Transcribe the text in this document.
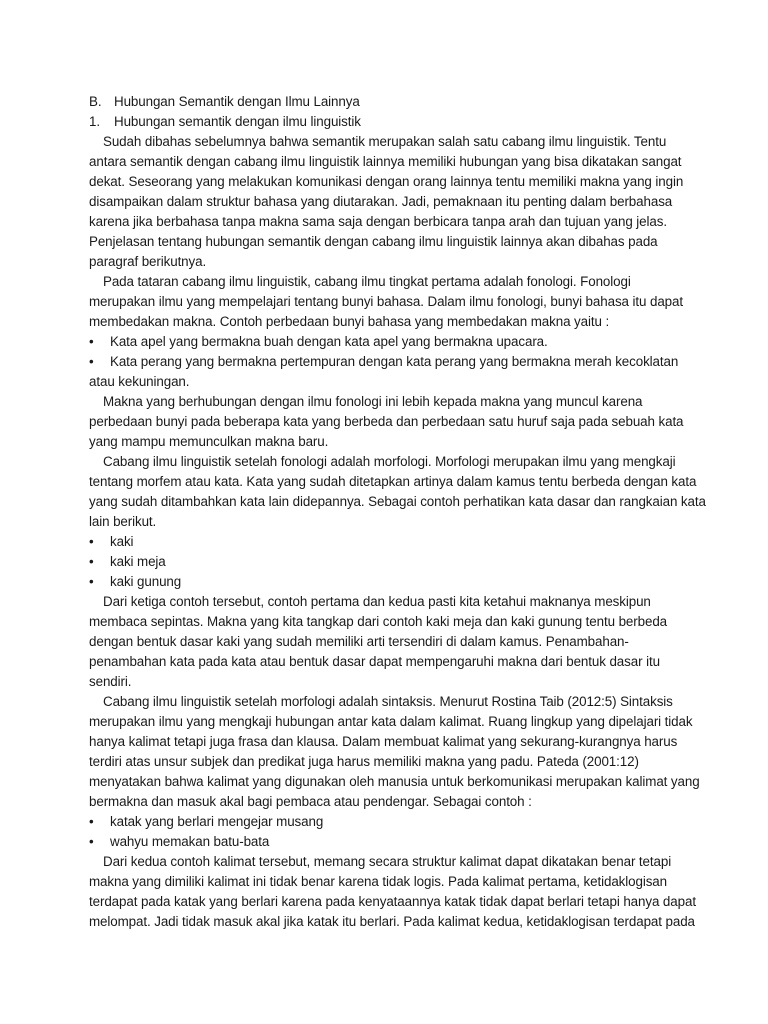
B. Hubungan Semantik dengan Ilmu Lainnya
1.	Hubungan semantik dengan ilmu linguistik
Sudah dibahas sebelumnya bahwa semantik merupakan salah satu cabang ilmu linguistik. Tentu
antara semantik dengan cabang ilmu linguistik lainnya memiliki hubungan yang bisa dikatakan sangat
dekat. Seseorang yang melakukan komunikasi dengan orang lainnya tentu memiliki makna yang ingin
disampaikan dalam struktur bahasa yang diutarakan. Jadi, pemaknaan itu penting dalam berbahasa
karena jika berbahasa tanpa makna sama saja dengan berbicara tanpa arah dan tujuan yang jelas.
Penjelasan tentang hubungan semantik dengan cabang ilmu linguistik lainnya akan dibahas pada
paragraf berikutnya.
Pada tataran cabang ilmu linguistik, cabang ilmu tingkat pertama adalah fonologi. Fonologi
merupakan ilmu yang mempelajari tentang bunyi bahasa. Dalam ilmu fonologi, bunyi bahasa itu dapat
membedakan makna. Contoh perbedaan bunyi bahasa yang membedakan makna yaitu :
•	Kata apel yang bermakna buah dengan kata apel yang bermakna upacara.
•	Kata perang yang bermakna pertempuran dengan kata perang yang bermakna merah kecoklatan
atau kekuningan.
Makna yang berhubungan dengan ilmu fonologi ini lebih kepada makna yang muncul karena
perbedaan bunyi pada beberapa kata yang berbeda dan perbedaan satu huruf saja pada sebuah kata
yang mampu memunculkan makna baru.
Cabang ilmu linguistik setelah fonologi adalah morfologi. Morfologi merupakan ilmu yang mengkaji
tentang morfem atau kata. Kata yang sudah ditetapkan artinya dalam kamus tentu berbeda dengan kata
yang sudah ditambahkan kata lain didepannya. Sebagai contoh perhatikan kata dasar dan rangkaian kata
lain berikut.
•	kaki
•	kaki meja
•	kaki gunung
Dari ketiga contoh tersebut, contoh pertama dan kedua pasti kita ketahui maknanya meskipun
membaca sepintas. Makna yang kita tangkap dari contoh kaki meja dan kaki gunung tentu berbeda
dengan bentuk dasar kaki yang sudah memiliki arti tersendiri di dalam kamus. Penambahan-
penambahan kata pada kata atau bentuk dasar dapat mempengaruhi makna dari bentuk dasar itu
sendiri.
Cabang ilmu linguistik setelah morfologi adalah sintaksis. Menurut Rostina Taib (2012:5) Sintaksis
merupakan ilmu yang mengkaji hubungan antar kata dalam kalimat. Ruang lingkup yang dipelajari tidak
hanya kalimat tetapi juga frasa dan klausa. Dalam membuat kalimat yang sekurang-kurangnya harus
terdiri atas unsur subjek dan predikat juga harus memiliki makna yang padu. Pateda (2001:12)
menyatakan bahwa kalimat yang digunakan oleh manusia untuk berkomunikasi merupakan kalimat yang
bermakna dan masuk akal bagi pembaca atau pendengar. Sebagai contoh :
•	katak yang berlari mengejar musang
•	wahyu memakan batu-bata
Dari kedua contoh kalimat tersebut, memang secara struktur kalimat dapat dikatakan benar tetapi
makna yang dimiliki kalimat ini tidak benar karena tidak logis. Pada kalimat pertama, ketidaklogisan
terdapat pada katak yang berlari karena pada kenyataannya katak tidak dapat berlari tetapi hanya dapat
melompat. Jadi tidak masuk akal jika katak itu berlari. Pada kalimat kedua, ketidaklogisan terdapat pada
